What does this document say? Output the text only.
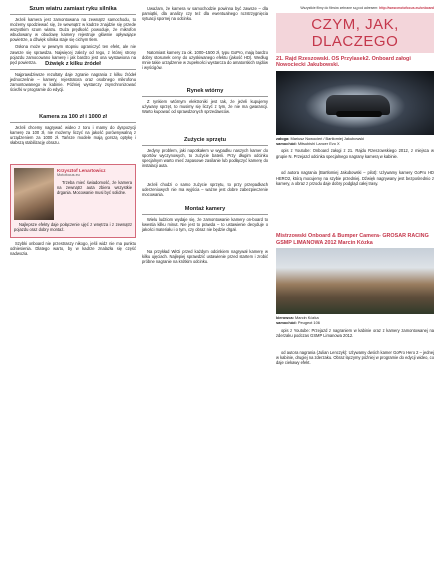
Szum wiatru zamiast ryku silnika

Jeżeli kamera jest zamontowana na zewnątrz samochodu, to możemy spodziewać się, że wewnątrz w kadrze znajdzie się przede wszystkim szum wiatru. Duża prędkość powoduje, że mikrofon wbudowany w obudowę kamery rejestruje głównie opływające powietrze, a dźwięk silnika staje się cichym tłem.

Osłona może w pewnym stopniu ograniczyć ten efekt, ale nie zawsze się sprawdza. Najwięcej zależy od tego, z której strony pojazdu zamocowano kamerę i jak bardzo jest ona wystawiona na pęd powietrza.	Dźwięk z kilku źródeł

Najprawdziwsze rezultaty daje zgranie nagrania z kilku źródeł jednocześnie – kamery, rejestratora oraz osobnego mikrofonu zamontowanego w kabinie. Później wystarczy zsynchronizować ścieżki w programie do edycji.

Kamera za 100 zł i 1000 zł

Jeżeli chcemy nagrywać wideo z toru i mamy do dyspozycji kamerę za 100 zł, nie możemy liczyć na jakość porównywalną z urządzeniem za 1000 zł. Tańsze modele mają gorszą optykę i słabszą stabilizację obrazu.

Krzysztof Lenartowicz
Motofocus.eu

Trzeba mieć świadomość, że kamera na zewnątrz auta zbiera wszystkie drgania. Mocowanie musi być solidne.

Najlepsze efekty daje połączenie ujęć z wnętrza i z zewnątrz pojazdu oraz dobry montaż.

Szybki onboard nie przestraszy nikogo, jeśli widz nie ma punktu odniesienia. Dlatego warto, by w kadrze znalazła się część nadwozia.

Uważam, że kamera w samochodzie powinna być zawsze – dla pamiątki, dla analizy czy też dla ewentualnego rozstrzygnięcia sytuacji spornej na odcinku.

Natomiast kamery za ok. 1000–1500 zł, typu GoPro, mają bardzo dobry stosunek ceny do uzyskiwanego efektu (jakość HD). Według mnie takie urządzenie w zupełności wystarcza do amatorskich rajdów i wyścigów.

Rynek wtórny

Z rynkiem wtórnym elektroniki jest tak, że jeżeli kupujemy używany sprzęt, to musimy się liczyć z tym, że nie ma gwarancji. Warto kupować od sprawdzonych sprzedawców.

Zużycie sprzętu

Jedyny problem, jaki napotkałem w wypadku naszych kamer do sportów wyczynowych, to zużycie baterii. Przy długim odcinku specjalnym warto mieć zapasowe zasilanie lub podłączyć kamerę do instalacji auta.

Jeżeli chodzi o samo zużycie sprzętu, to przy przepadkach uderzeniowych nie ma wyjścia – ważne jest dobre zabezpieczenie mocowania.

Montaż kamery

Wielu ludziom wydaje się, że zamontowanie kamery on-board to kwestia kilku minut. Nie jest to prawda – to ustawienie decyduje o jakości materiału i o tym, czy obraz nie będzie drgał.

Na przykład WiGi przed każdym odcinkiem nagrywał kamerę w kilku ujęciach. Najlepiej sprawdzić ustawienie przed startem i zrobić próbne nagranie na krótkim odcinku.

Wszystkie filmy do filmów zebrane są pod adresem: http://www.motofocus.eu/onboard
CZYM, JAK, DLACZEGO
21. Rajd Rzeszowski. OS Przylasek2. Onboard załogi Nowociecki Jakubowski.
załoga: Mariusz Nowocień / Bartłomiej Jakubowski
samochód: Mitsubishi Lancer Evo X

opis z Youtube: Onboard załogi z 21. Rajdu Rzeszowskiego 2012, z miejsca w grupie N. Przejazd odcinka specjalnego nagrany kamerą w kabinie.

od autora nagrania (Bartłomiej Jakubowski – pilot): Używamy kamery GoPro HD HERO2, którą mocujemy na szybie przedniej. Dźwięk nagrywany jest bezpośrednio z kamery, a obraz z przodu daje dobry podgląd całej trasy.

Mistrzowski Onboard & Bumper Camera- GROSAR RACING GSMP LIMANOWA 2012 Marcin Kózka
kierowca: Marcin Kózka
samochód: Peugeot 106

opis z Youtube: Przejazd z nagraniem w kabinie oraz z kamery zamontowanej na zderzaku podczas GSMP Limanowa 2012.

od autora nagrania (Julian Lenczyk): Używamy dwóch kamer GoPro Hero 2 – jednej w kabinie, drugiej na zderzaku. Obraz łączymy później w programie do edycji wideo, co daje ciekawy efekt.
